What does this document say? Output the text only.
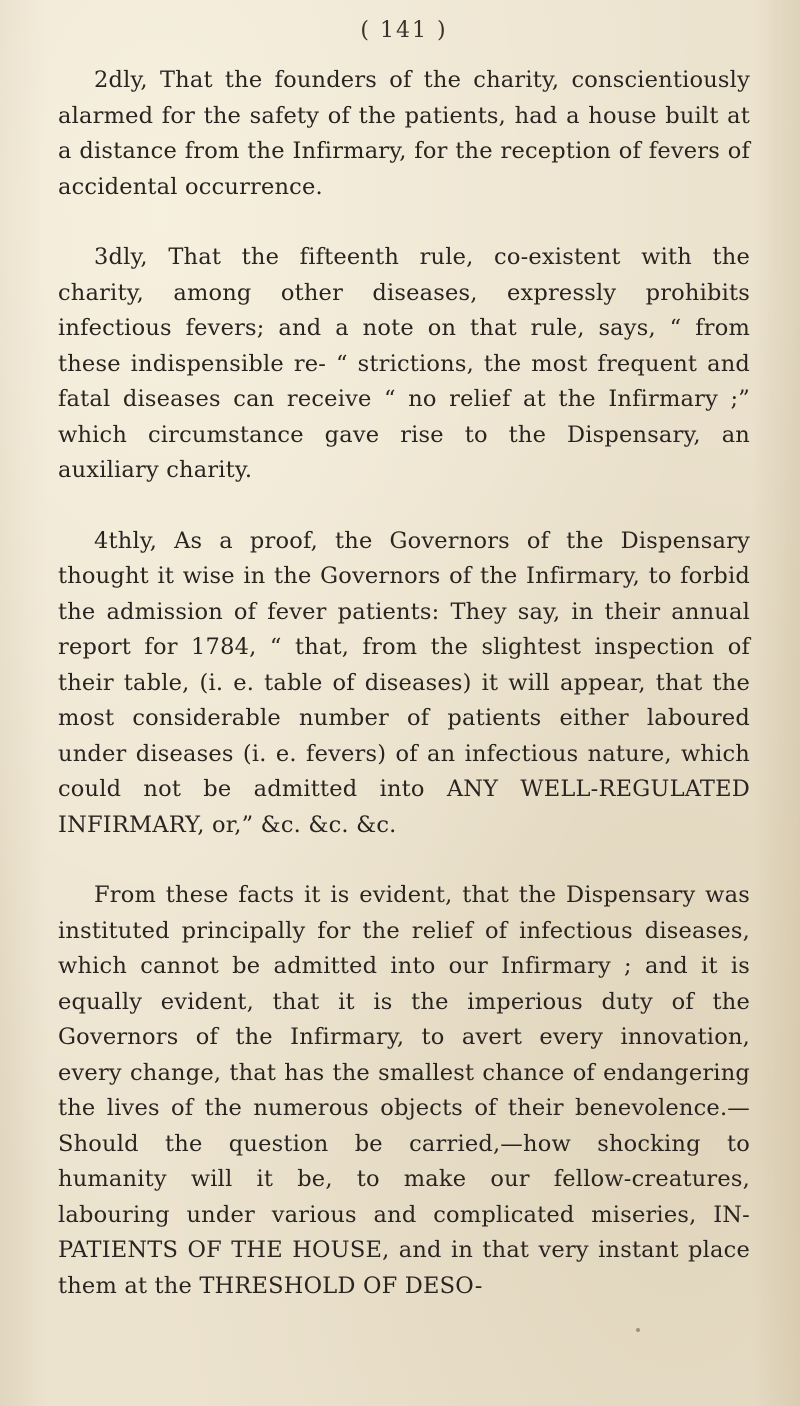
( 141 )

2dly, That the founders of the charity, conscientiously alarmed for the safety of the patients, had a house built at a distance from the Infirmary, for the reception of fevers of accidental occurrence.

3dly, That the fifteenth rule, co-existent with the charity, among other diseases, expressly prohibits infectious fevers; and a note on that rule, says, “ from these indispensible re- “ strictions, the most frequent and fatal diseases can receive “ no relief at the Infirmary ;” which circumstance gave rise to the Dispensary, an auxiliary charity.

4thly, As a proof, the Governors of the Dispensary thought it wise in the Governors of the Infirmary, to forbid the admission of fever patients: They say, in their annual report for 1784, “ that, from the slightest inspection of their table, (i. e. table of diseases) it will appear, that the most considerable number of patients either laboured under diseases (i. e. fevers) of an infectious nature, which could not be admitted into ANY WELL-REGULATED INFIRMARY, or,” &c. &c. &c.

From these facts it is evident, that the Dispensary was instituted principally for the relief of infectious diseases, which cannot be admitted into our Infirmary ; and it is equally evident, that it is the imperious duty of the Governors of the Infirmary, to avert every innovation, every change, that has the smallest chance of endangering the lives of the numerous objects of their benevolence.—Should the question be carried,—how shocking to humanity will it be, to make our fellow-creatures, labouring under various and complicated miseries, IN-PATIENTS OF THE HOUSE, and in that very instant place them at the THRESHOLD OF DESO-
